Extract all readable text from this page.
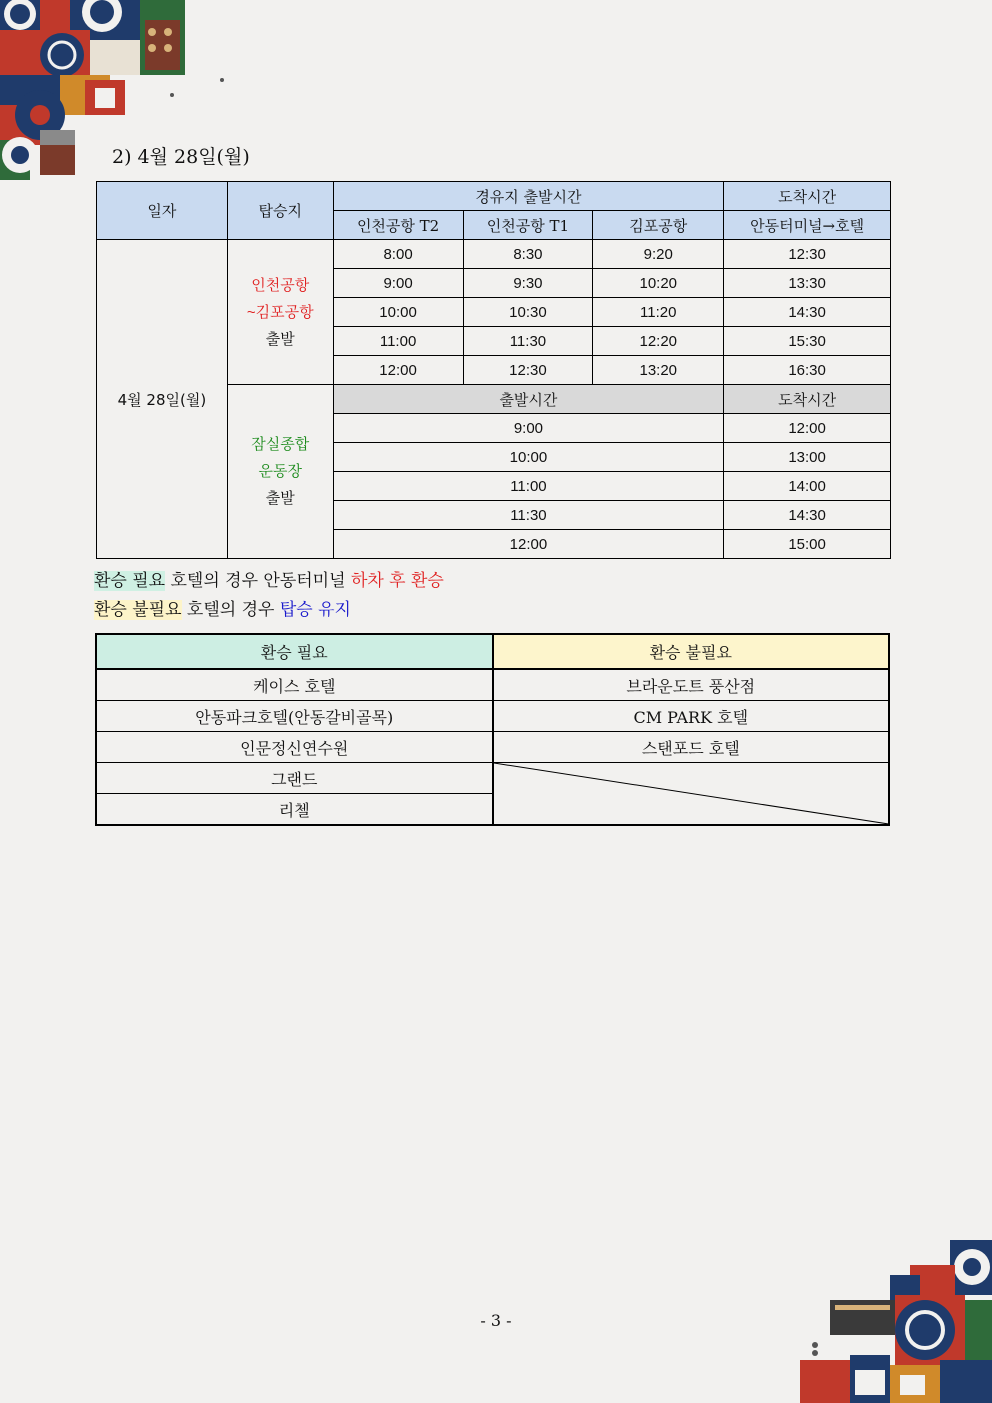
2) 4월 28일(월)
일자	탑승지	경유지 출발시간			도착시간
		인천공항 T2	인천공항 T1	김포공항	안동터미널→호텔
4월 28일(월)	인천공항
~김포공항
출발	8:00	8:30	9:20	12:30
		9:00	9:30	10:20	13:30
		10:00	10:30	11:20	14:30
		11:00	11:30	12:20	15:30
		12:00	12:30	13:20	16:30

	잠실종합
운동장
출발	출발시간			도착시간
		9:00			12:00
		10:00			13:00
		11:00			14:00
		11:30			14:30
		12:00			15:00
환승 필요 호텔의 경우 안동터미널 하차 후 환승
환승 불필요 호텔의 경우 탑승 유지
환승 필요	환승 불필요
케이스 호텔	브라운도트 풍산점
안동파크호텔(안동갈비골목)	CM PARK 호텔
인문정신연수원	스탠포드 호텔
그랜드	

리첼	
- 3 -
